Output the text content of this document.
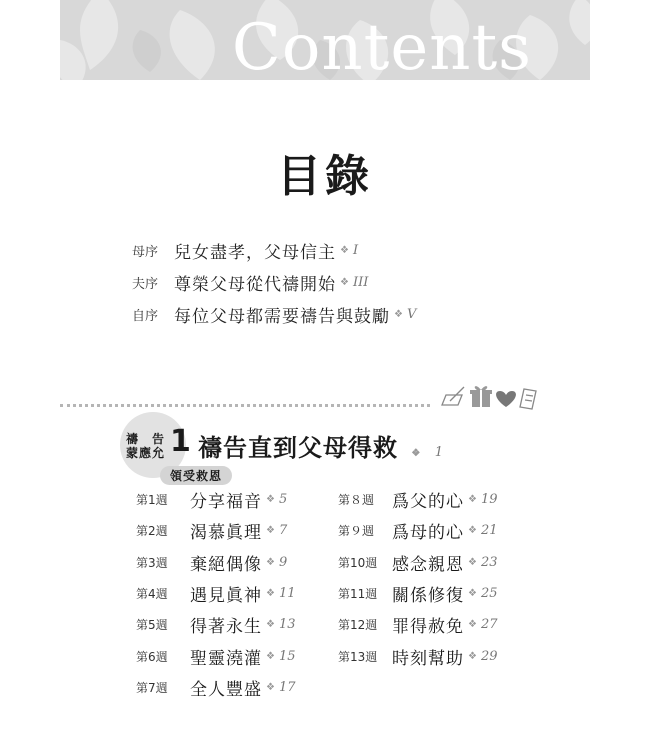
Contents
目錄
母序 兒女盡孝，父母信主 ❖ I
夫序 尊榮父母從代禱開始 ❖ III
自序 每位父母都需要禱告與鼓勵 ❖ V
禱　告
蒙應允 1 禱告直到父母得救 ❖ 1
領受救恩
第1週	分享福音 ❖ 5
第2週	渴慕眞理 ❖ 7
第3週	棄絕偶像 ❖ 9
第4週	遇見眞神 ❖ 11
第5週	得著永生 ❖ 13
第6週	聖靈澆灌 ❖ 15
第7週	全人豐盛 ❖ 17
第８週	爲父的心 ❖ 19
第９週	爲母的心 ❖ 21
第10週 感念親恩 ❖ 23
第11週 關係修復 ❖ 25
第12週 罪得赦免 ❖ 27
第13週 時刻幫助 ❖ 29
